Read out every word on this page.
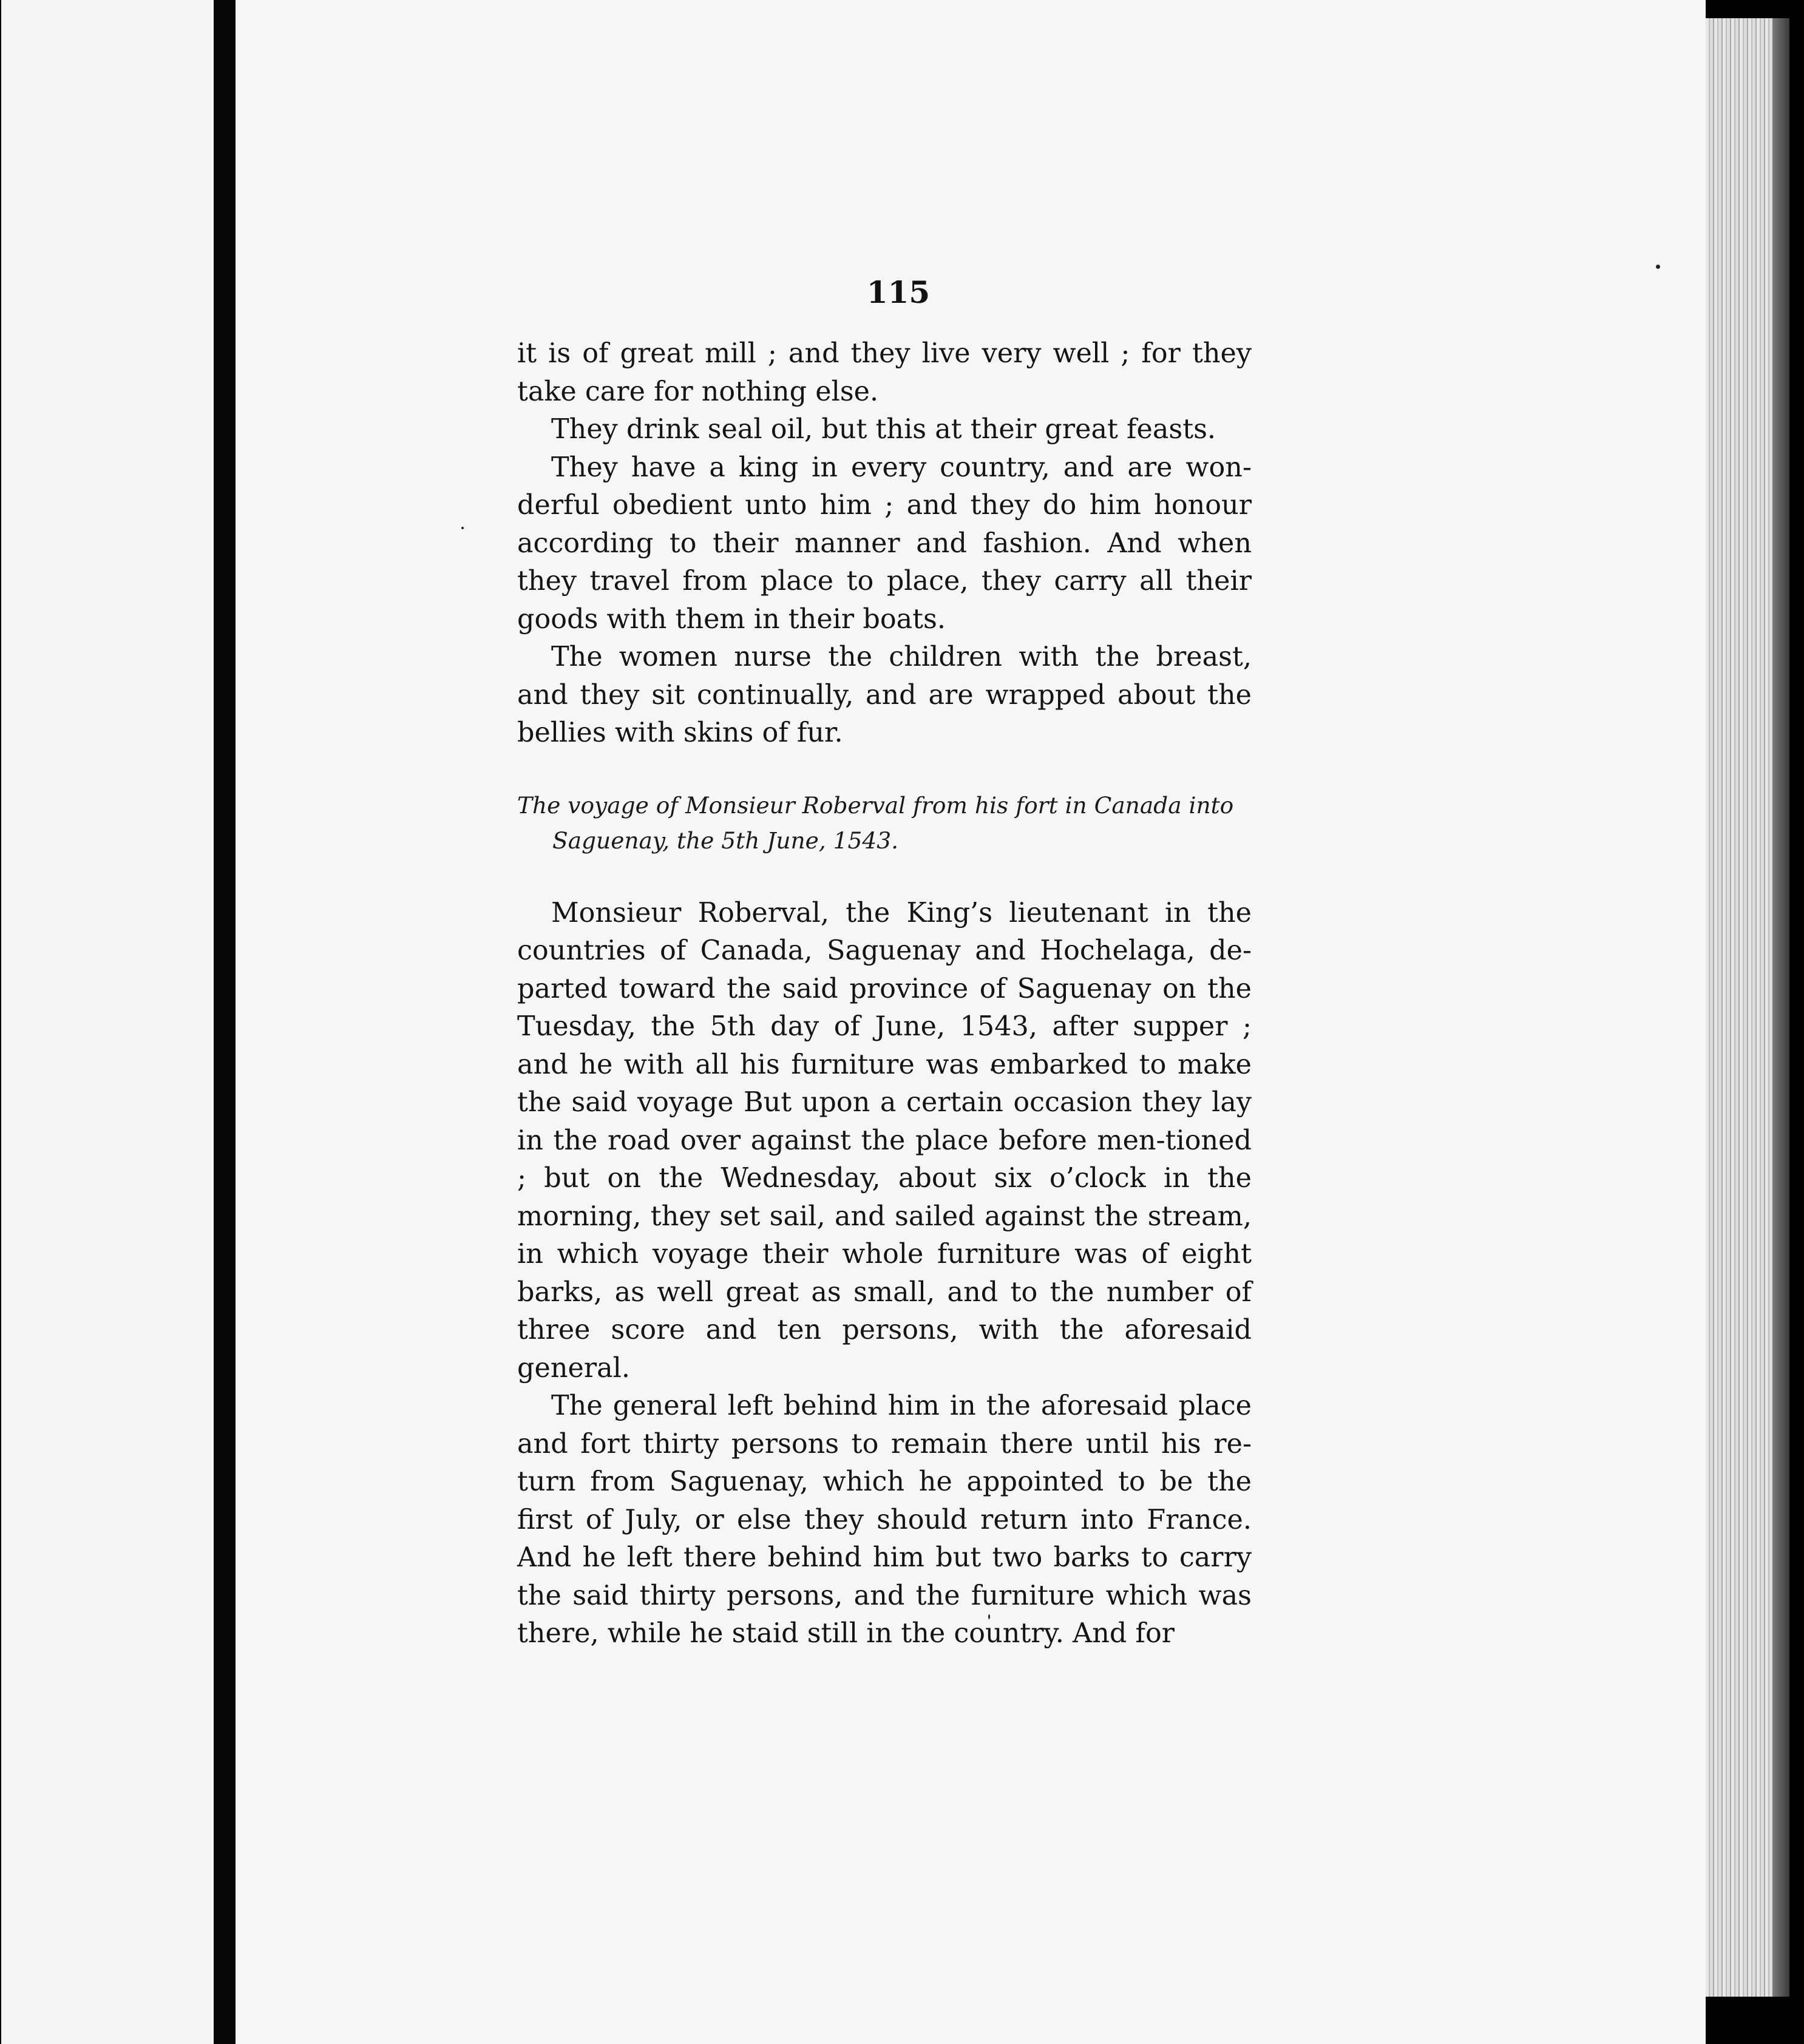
115

it is of great mill ; and they live very well ; for they take care for nothing else.

They drink seal oil, but this at their great feasts.

They have a king in every country, and are won-derful obedient unto him ; and they do him honour according to their manner and fashion. And when they travel from place to place, they carry all their goods with them in their boats.

The women nurse the children with the breast, and they sit continually, and are wrapped about the bellies with skins of fur.

The voyage of Monsieur Roberval from his fort in Canada into
Saguenay, the 5th June, 1543.

Monsieur Roberval, the King’s lieutenant in the countries of Canada, Saguenay and Hochelaga, de-parted toward the said province of Saguenay on the Tuesday, the 5th day of June, 1543, after supper ; and he with all his furniture was embarked to make the said voyage But upon a certain occasion they lay in the road over against the place before men-tioned ; but on the Wednesday, about six o’clock in the morning, they set sail, and sailed against the stream, in which voyage their whole furniture was of eight barks, as well great as small, and to the number of three score and ten persons, with the aforesaid general.

The general left behind him in the aforesaid place and fort thirty persons to remain there until his re-turn from Saguenay, which he appointed to be the first of July, or else they should return into France. And he left there behind him but two barks to carry the said thirty persons, and the furniture which was there, while he staid still in the country. And for
